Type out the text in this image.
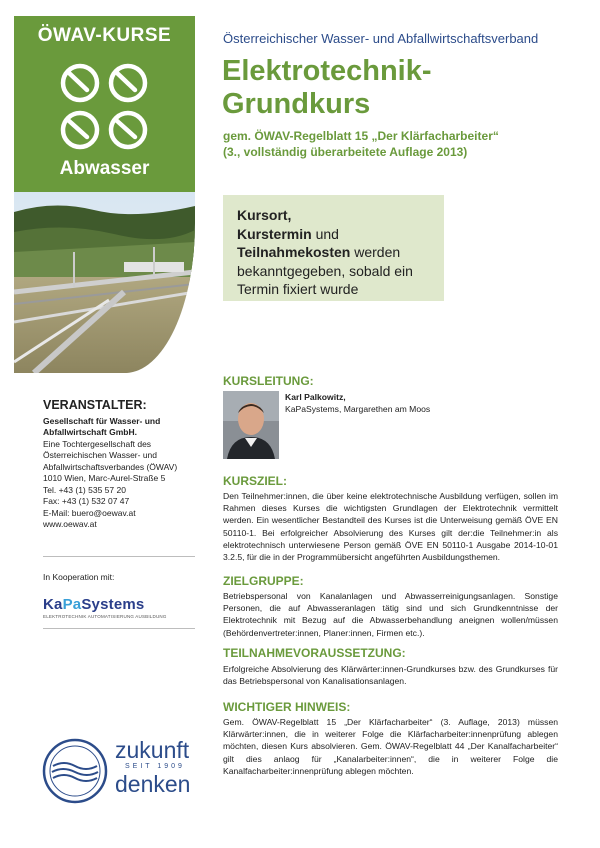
ÖWAV-KURSE
Abwasser
Österreichischer Wasser- und Abfallwirtschaftsverband
Elektrotechnik-
Grundkurs
gem. ÖWAV-Regelblatt 15 „Der Klärfacharbeiter“
(3., vollständig überarbeitete Auflage 2013)
Kursort,
Kurstermin und
Teilnahmekosten werden
bekanntgegeben, sobald ein
Termin fixiert wurde
VERANSTALTER:
Gesellschaft für Wasser- und
Abfallwirtschaft GmbH.
Eine Tochtergesellschaft des
Österreichischen Wasser- und
Abfallwirtschaftsverbandes (ÖWAV)
1010 Wien, Marc-Aurel-Straße 5
Tel. +43 (1) 535 57 20
Fax: +43 (1) 532 07 47
E-Mail: buero@oewav.at
www.oewav.at
In Kooperation mit:
KaPaSystems
ELEKTROTECHNIK AUTOMATISIERUNG AUSBILDUNG
zukunft
SEIT 1909
denken
KURSLEITUNG:
Karl Palkowitz,
KaPaSystems, Margarethen am Moos
KURSZIEL:
Den Teilnehmer:innen, die über keine elektrotechnische Ausbildung verfügen, sollen im Rahmen dieses Kurses die wichtigsten Grundlagen der Elektrotechnik vermittelt werden. Ein wesentlicher Bestandteil des Kurses ist die Unterweisung gemäß ÖVE EN 50110-1. Bei erfolgreicher Absolvierung des Kurses gilt der:die Teilnehmer:in als elektrotechnisch unterwiesene Person gemäß ÖVE EN 50110-1 Ausgabe 2014-10-01 3.2.5, für die in der Programmübersicht angeführten Ausbildungsthemen.
ZIELGRUPPE:
Betriebspersonal von Kanalanlagen und Abwasserreinigungsanlagen. Sonstige Personen, die auf Abwasseranlagen tätig sind und sich Grundkenntnisse der Elektrotechnik mit Bezug auf die Abwasserbehandlung aneignen wollen/müssen (Behördenvertreter:innen, Planer:innen, Firmen etc.).
TEILNAHMEVORAUSSETZUNG:
Erfolgreiche Absolvierung des Klärwärter:innen-Grundkurses bzw. des Grundkurses für das Betriebspersonal von Kanalisationsanlagen.
WICHTIGER HINWEIS:
Gem. ÖWAV-Regelblatt 15 „Der Klärfacharbeiter“ (3. Auflage, 2013) müssen Klärwärter:innen, die in weiterer Folge die Klärfacharbeiter:innenprüfung ablegen möchten, diesen Kurs absolvieren. Gem. ÖWAV-Regelblatt 44 „Der Kanalfacharbeiter“ gilt dies anlaog für „Kanalarbeiter:innen“, die in weiterer Folge die Kanalfacharbeiter:innenprüfung ablegen möchten.
